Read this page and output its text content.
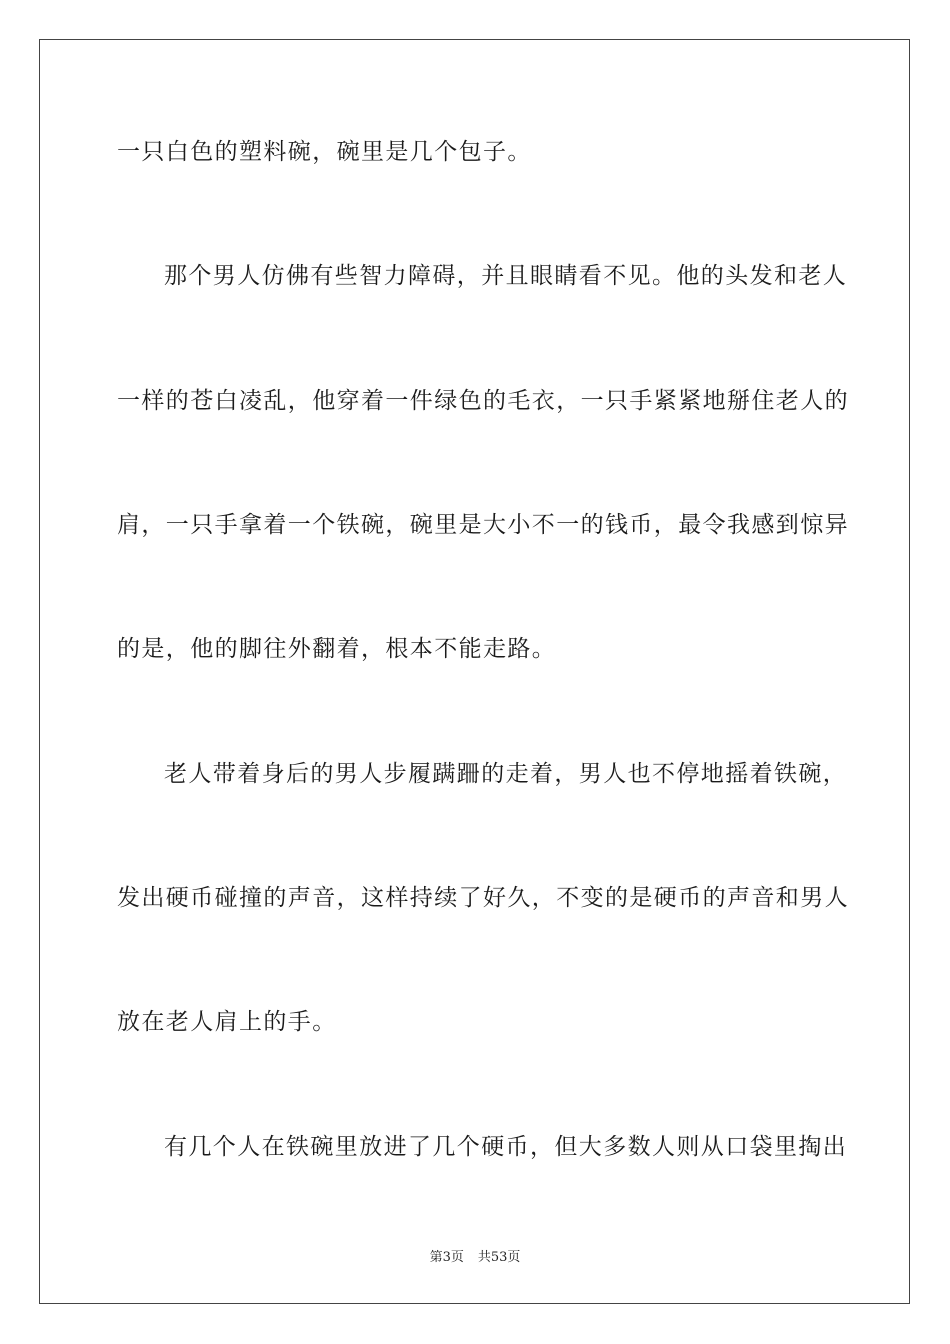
一只白色的塑料碗，碗里是几个包子。
那个男人仿佛有些智力障碍，并且眼睛看不见。他的头发和老人
一样的苍白凌乱，他穿着一件绿色的毛衣，一只手紧紧地掰住老人的
肩，一只手拿着一个铁碗，碗里是大小不一的钱币，最令我感到惊异
的是，他的脚往外翻着，根本不能走路。
老人带着身后的男人步履蹒跚的走着，男人也不停地摇着铁碗，
发出硬币碰撞的声音，这样持续了好久，不变的是硬币的声音和男人
放在老人肩上的手。
有几个人在铁碗里放进了几个硬币，但大多数人则从口袋里掏出
第3页 共53页
